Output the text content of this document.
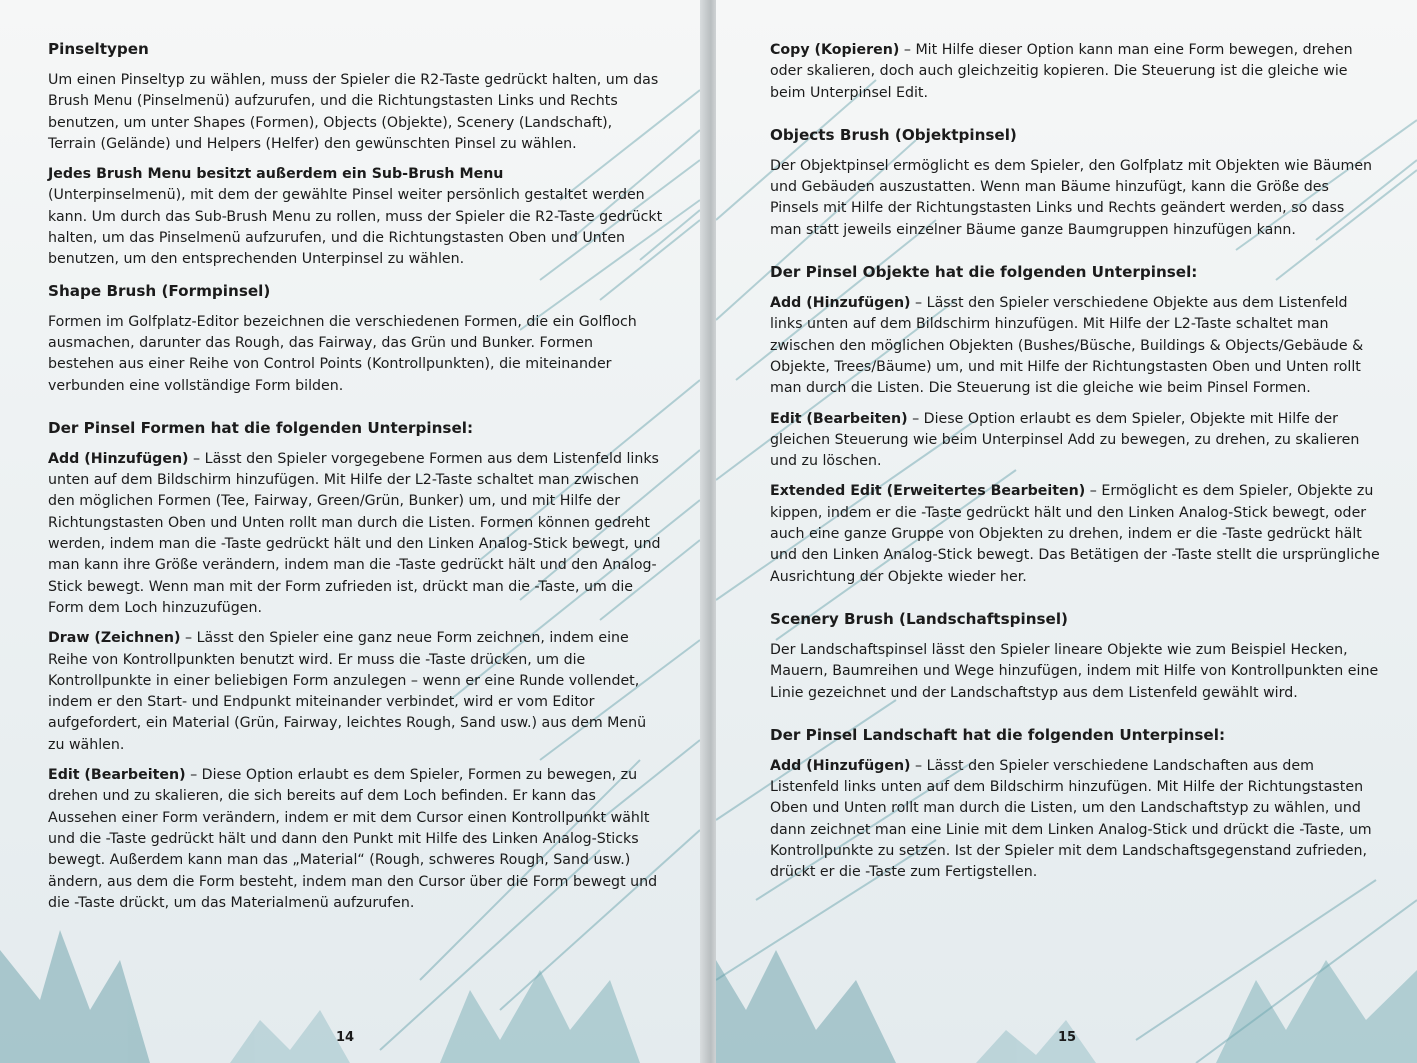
Pinseltypen

Um einen Pinseltyp zu wählen, muss der Spieler die R2-Taste gedrückt halten, um das Brush Menu (Pinselmenü) aufzurufen, und die Richtungstasten Links und Rechts benutzen, um unter Shapes (Formen), Objects (Objekte), Scenery (Landschaft), Terrain (Gelände) und Helpers (Helfer) den gewünschten Pinsel zu wählen.

Jedes Brush Menu besitzt außerdem ein Sub-Brush Menu
(Unterpinselmenü), mit dem der gewählte Pinsel weiter persönlich gestaltet werden kann. Um durch das Sub-Brush Menu zu rollen, muss der Spieler die R2-Taste gedrückt halten, um das Pinselmenü aufzurufen, und die Richtungstasten Oben und Unten benutzen, um den entsprechenden Unterpinsel zu wählen.

Shape Brush (Formpinsel)

Formen im Golfplatz-Editor bezeichnen die verschiedenen Formen, die ein Golfloch ausmachen, darunter das Rough, das Fairway, das Grün und Bunker. Formen bestehen aus einer Reihe von Control Points (Kontrollpunkten), die miteinander verbunden eine vollständige Form bilden.

Der Pinsel Formen hat die folgenden Unterpinsel:

Add (Hinzufügen) – Lässt den Spieler vorgegebene Formen aus dem Listenfeld links unten auf dem Bildschirm hinzufügen. Mit Hilfe der L2-Taste schaltet man zwischen den möglichen Formen (Tee, Fairway, Green/Grün, Bunker) um, und mit Hilfe der Richtungstasten Oben und Unten rollt man durch die Listen. Formen können gedreht werden, indem man die -Taste gedrückt hält und den Linken Analog-Stick bewegt, und man kann ihre Größe verändern, indem man die -Taste gedrückt hält und den Analog-Stick bewegt. Wenn man mit der Form zufrieden ist, drückt man die -Taste, um die Form dem Loch hinzuzufügen.

Draw (Zeichnen) – Lässt den Spieler eine ganz neue Form zeichnen, indem eine Reihe von Kontrollpunkten benutzt wird. Er muss die -Taste drücken, um die Kontrollpunkte in einer beliebigen Form anzulegen – wenn er eine Runde vollendet, indem er den Start- und Endpunkt miteinander verbindet, wird er vom Editor aufgefordert, ein Material (Grün, Fairway, leichtes Rough, Sand usw.) aus dem Menü zu wählen.

Edit (Bearbeiten) – Diese Option erlaubt es dem Spieler, Formen zu bewegen, zu drehen und zu skalieren, die sich bereits auf dem Loch befinden. Er kann das Aussehen einer Form verändern, indem er mit dem Cursor einen Kontrollpunkt wählt und die -Taste gedrückt hält und dann den Punkt mit Hilfe des Linken Analog-Sticks bewegt. Außerdem kann man das „Material“ (Rough, schweres Rough, Sand usw.) ändern, aus dem die Form besteht, indem man den Cursor über die Form bewegt und die -Taste drückt, um das Materialmenü aufzurufen.

14

Copy (Kopieren) – Mit Hilfe dieser Option kann man eine Form bewegen, drehen oder skalieren, doch auch gleichzeitig kopieren. Die Steuerung ist die gleiche wie beim Unterpinsel Edit.

Objects Brush (Objektpinsel)

Der Objektpinsel ermöglicht es dem Spieler, den Golfplatz mit Objekten wie Bäumen und Gebäuden auszustatten. Wenn man Bäume hinzufügt, kann die Größe des Pinsels mit Hilfe der Richtungstasten Links und Rechts geändert werden, so dass man statt jeweils einzelner Bäume ganze Baumgruppen hinzufügen kann.

Der Pinsel Objekte hat die folgenden Unterpinsel:

Add (Hinzufügen) – Lässt den Spieler verschiedene Objekte aus dem Listenfeld links unten auf dem Bildschirm hinzufügen. Mit Hilfe der L2-Taste schaltet man zwischen den möglichen Objekten (Bushes/Büsche, Buildings & Objects/Gebäude & Objekte, Trees/Bäume) um, und mit Hilfe der Richtungstasten Oben und Unten rollt man durch die Listen. Die Steuerung ist die gleiche wie beim Pinsel Formen.

Edit (Bearbeiten) – Diese Option erlaubt es dem Spieler, Objekte mit Hilfe der gleichen Steuerung wie beim Unterpinsel Add zu bewegen, zu drehen, zu skalieren und zu löschen.

Extended Edit (Erweitertes Bearbeiten) – Ermöglicht es dem Spieler, Objekte zu kippen, indem er die -Taste gedrückt hält und den Linken Analog-Stick bewegt, oder auch eine ganze Gruppe von Objekten zu drehen, indem er die -Taste gedrückt hält und den Linken Analog-Stick bewegt. Das Betätigen der -Taste stellt die ursprüngliche Ausrichtung der Objekte wieder her.

Scenery Brush (Landschaftspinsel)

Der Landschaftspinsel lässt den Spieler lineare Objekte wie zum Beispiel Hecken, Mauern, Baumreihen und Wege hinzufügen, indem mit Hilfe von Kontrollpunkten eine Linie gezeichnet und der Landschaftstyp aus dem Listenfeld gewählt wird.

Der Pinsel Landschaft hat die folgenden Unterpinsel:

Add (Hinzufügen) – Lässt den Spieler verschiedene Landschaften aus dem Listenfeld links unten auf dem Bildschirm hinzufügen. Mit Hilfe der Richtungstasten Oben und Unten rollt man durch die Listen, um den Landschaftstyp zu wählen, und dann zeichnet man eine Linie mit dem Linken Analog-Stick und drückt die -Taste, um Kontrollpunkte zu setzen. Ist der Spieler mit dem Landschaftsgegenstand zufrieden, drückt er die -Taste zum Fertigstellen.

15
